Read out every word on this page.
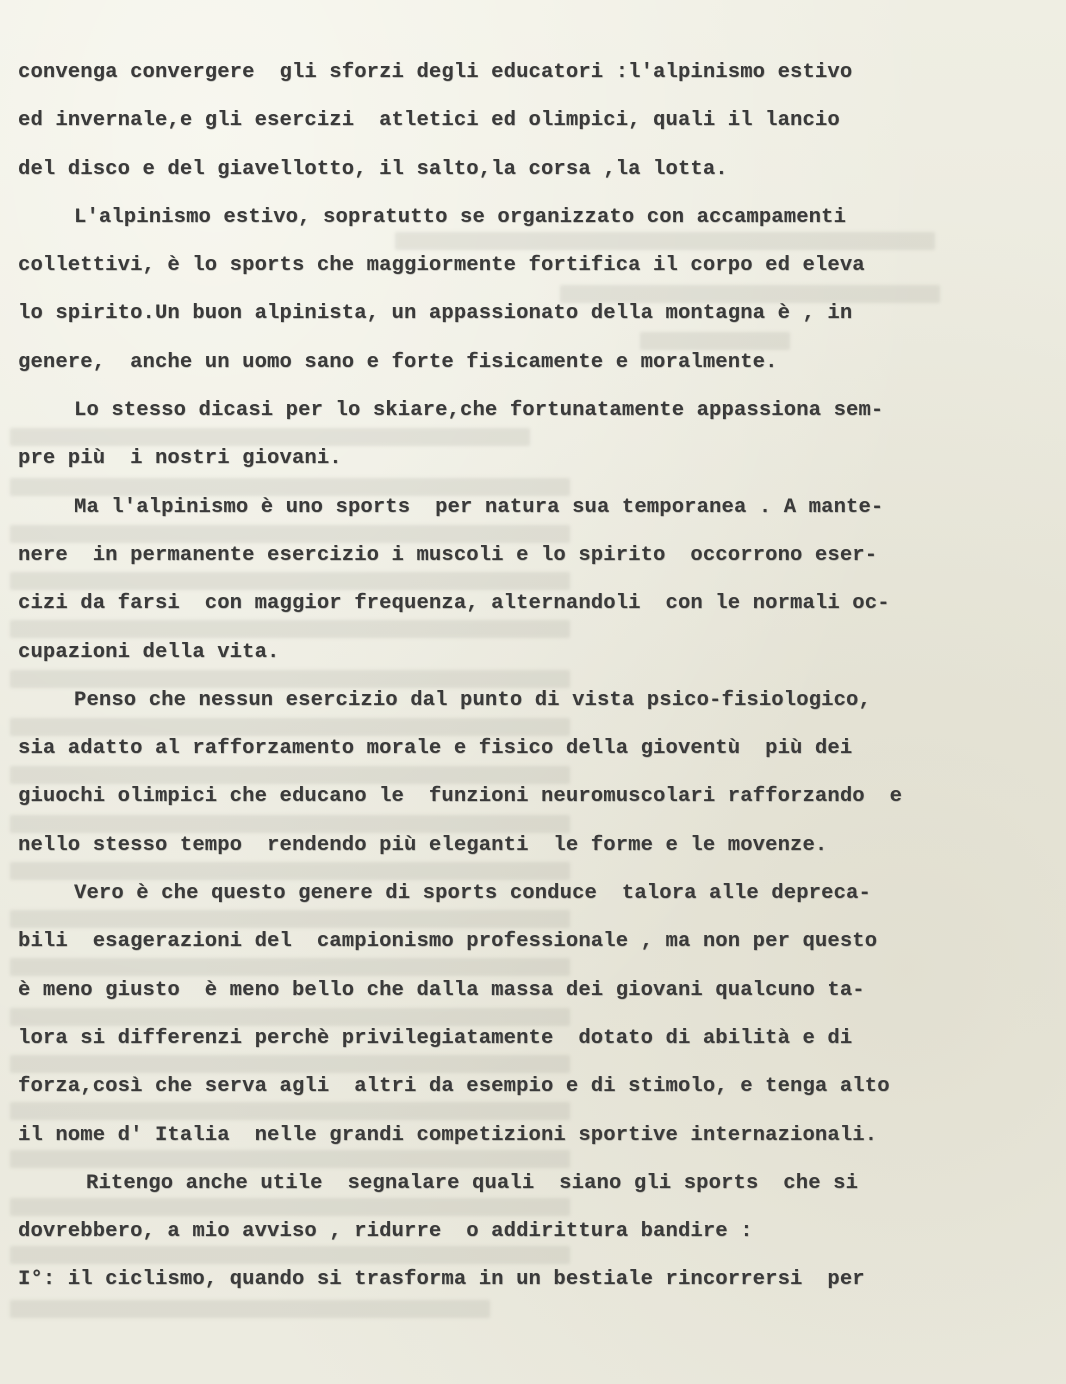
convenga convergere  gli sforzi degli educatori :l'alpinismo estivo
ed invernale,e gli esercizi  atletici ed olimpici, quali il lancio
del disco e del giavellotto, il salto,la corsa ,la lotta.
L'alpinismo estivo, sopratutto se organizzato con accampamenti
collettivi, è lo sports che maggiormente fortifica il corpo ed eleva
lo spirito.Un buon alpinista, un appassionato della montagna è , in
genere,  anche un uomo sano e forte fisicamente e moralmente.
Lo stesso dicasi per lo skiare,che fortunatamente appassiona sem-
pre più  i nostri giovani.
Ma l'alpinismo è uno sports  per natura sua temporanea . A mante-
nere  in permanente esercizio i muscoli e lo spirito  occorrono eser-
cizi da farsi  con maggior frequenza, alternandoli  con le normali oc-
cupazioni della vita.
Penso che nessun esercizio dal punto di vista psico-fisiologico,
sia adatto al rafforzamento morale e fisico della gioventù  più dei
giuochi olimpici che educano le  funzioni neuromuscolari rafforzando  e
nello stesso tempo  rendendo più eleganti  le forme e le movenze.
Vero è che questo genere di sports conduce  talora alle depreca-
bili  esagerazioni del  campionismo professionale , ma non per questo
è meno giusto  è meno bello che dalla massa dei giovani qualcuno ta-
lora si differenzi perchè privilegiatamente  dotato di abilità e di
forza,così che serva agli  altri da esempio e di stimolo, e tenga alto
il nome d' Italia  nelle grandi competizioni sportive internazionali.
Ritengo anche utile  segnalare quali  siano gli sports  che si
dovrebbero, a mio avviso , ridurre  o addirittura bandire :
I°: il ciclismo, quando si trasforma in un bestiale rincorrersi  per
